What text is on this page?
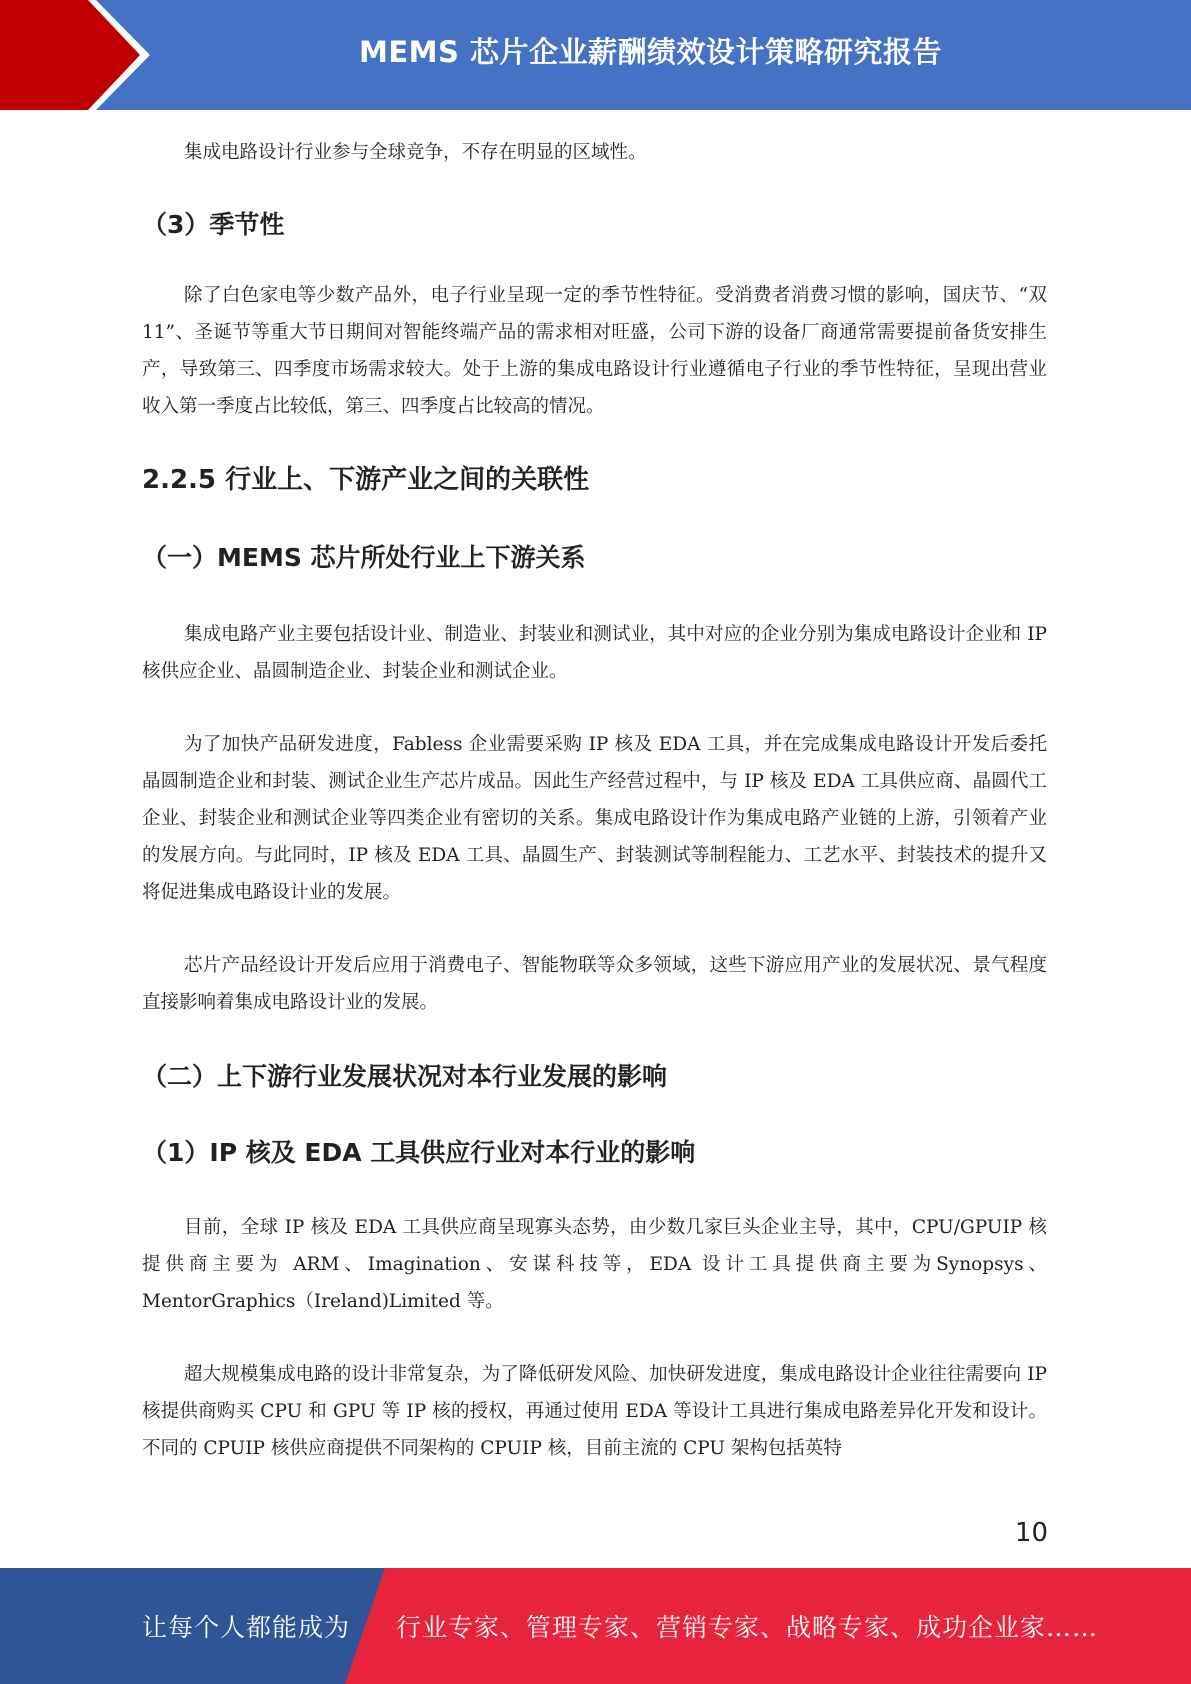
MEMS 芯片企业薪酬绩效设计策略研究报告

集成电路设计行业参与全球竞争，不存在明显的区域性。

（3）季节性

除了白色家电等少数产品外，电子行业呈现一定的季节性特征。受消费者消费习惯的影响，国庆节、“双 11”、圣诞节等重大节日期间对智能终端产品的需求相对旺盛，公司下游的设备厂商通常需要提前备货安排生产，导致第三、四季度市场需求较大。处于上游的集成电路设计行业遵循电子行业的季节性特征，呈现出营业收入第一季度占比较低，第三、四季度占比较高的情况。

2.2.5 行业上、下游产业之间的关联性
（一）MEMS 芯片所处行业上下游关系

集成电路产业主要包括设计业、制造业、封装业和测试业，其中对应的企业分别为集成电路设计企业和 IP 核供应企业、晶圆制造企业、封装企业和测试企业。

为了加快产品研发进度，Fabless 企业需要采购 IP 核及 EDA 工具，并在完成集成电路设计开发后委托晶圆制造企业和封装、测试企业生产芯片成品。因此生产经营过程中，与 IP 核及 EDA 工具供应商、晶圆代工企业、封装企业和测试企业等四类企业有密切的关系。集成电路设计作为集成电路产业链的上游，引领着产业的发展方向。与此同时，IP 核及 EDA 工具、晶圆生产、封装测试等制程能力、工艺水平、封装技术的提升又将促进集成电路设计业的发展。

芯片产品经设计开发后应用于消费电子、智能物联等众多领域，这些下游应用产业的发展状况、景气程度直接影响着集成电路设计业的发展。

（二）上下游行业发展状况对本行业发展的影响
（1）IP 核及 EDA 工具供应行业对本行业的影响

目前，全球 IP 核及 EDA 工具供应商呈现寡头态势，由少数几家巨头企业主导，其中，CPU/GPUIP 核提供商主要为 ARM、Imagination、安谋科技等，EDA 设计工具提供商主要为Synopsys、MentorGraphics（Ireland)Limited 等。

超大规模集成电路的设计非常复杂，为了降低研发风险、加快研发进度，集成电路设计企业往往需要向 IP 核提供商购买 CPU 和 GPU 等 IP 核的授权，再通过使用 EDA 等设计工具进行集成电路差异化开发和设计。不同的 CPUIP 核供应商提供不同架构的 CPUIP 核，目前主流的 CPU 架构包括英特

10
让每个人都能成为 行业专家、管理专家、营销专家、战略专家、成功企业家……
